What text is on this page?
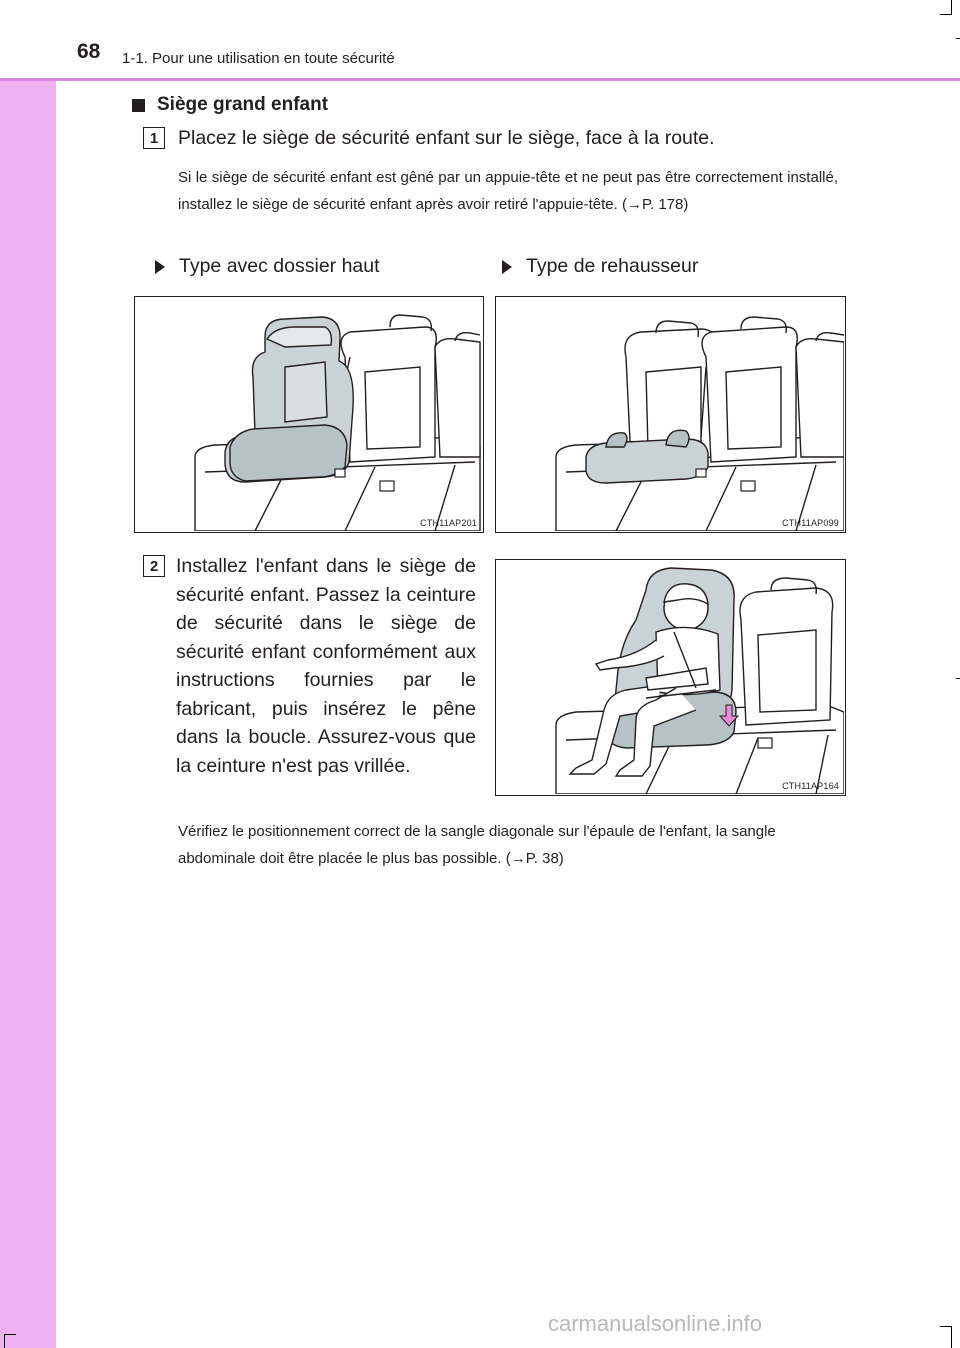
68 1-1. Pour une utilisation en toute sécurité
Siège grand enfant
1	Placez le siège de sécurité enfant sur le siège, face à la route.
Si le siège de sécurité enfant est gêné par un appuie-tête et ne peut pas être correctement installé, installez le siège de sécurité enfant après avoir retiré l'appuie-tête. (→P. 178)
Type avec dossier haut	Type de rehausseur
CTH11AP201	CTH11AP099
2 Installez l'enfant dans le siège de sécurité enfant. Passez la ceinture de sécurité dans le siège de sécurité enfant conformément aux instructions fournies par le fabricant, puis insérez le pêne dans la boucle. Assurez-vous que la ceinture n'est pas vrillée.
CTH11AP164
Vérifiez le positionnement correct de la sangle diagonale sur l'épaule de l'enfant, la sangle abdominale doit être placée le plus bas possible. (→P. 38)
carmanualsonline.info
